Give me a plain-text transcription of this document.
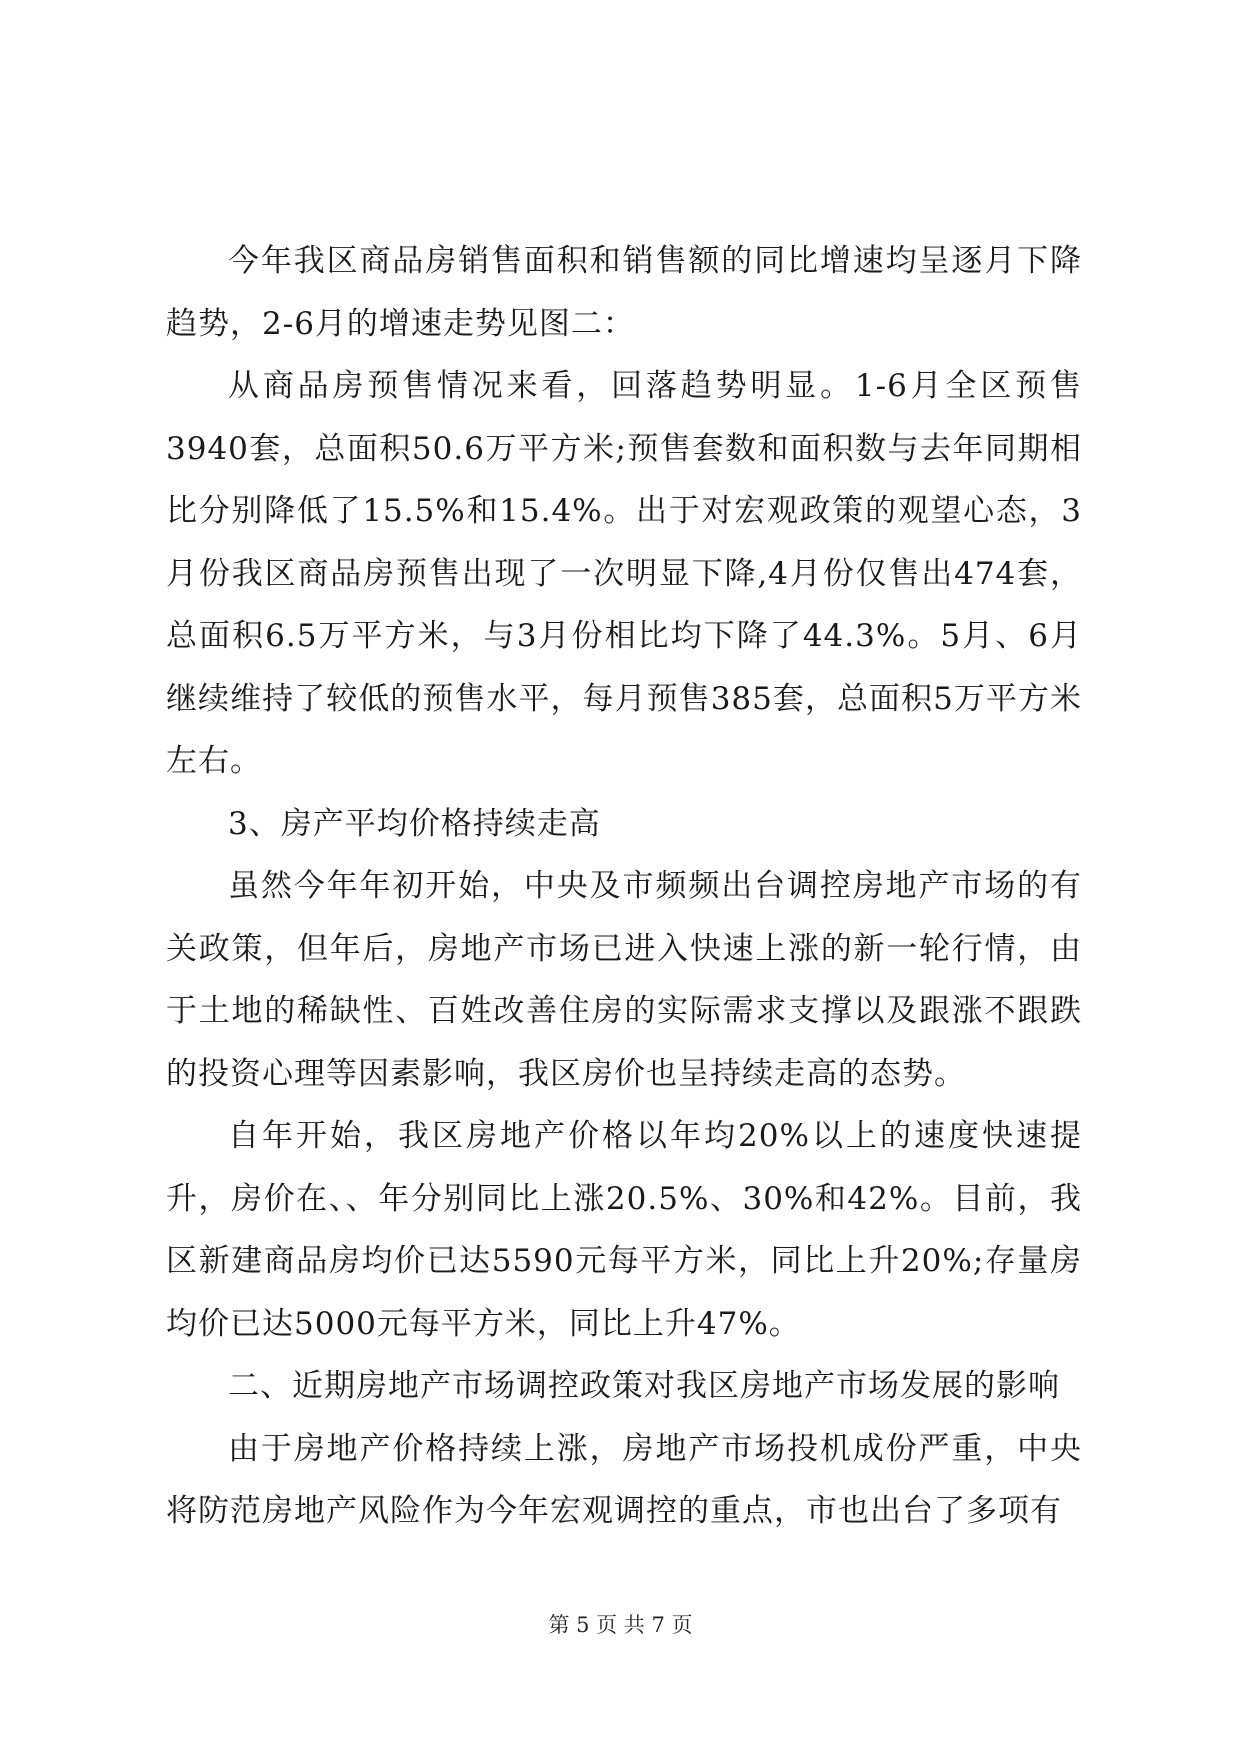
今年我区商品房销售面积和销售额的同比增速均呈逐月下降趋势，2-6月的增速走势见图二：

从商品房预售情况来看，回落趋势明显。1-6月全区预售3940套，总面积50.6万平方米;预售套数和面积数与去年同期相比分别降低了15.5%和15.4%。出于对宏观政策的观望心态，3月份我区商品房预售出现了一次明显下降,4月份仅售出474套，总面积6.5万平方米，与3月份相比均下降了44.3%。5月、6月继续维持了较低的预售水平，每月预售385套，总面积5万平方米左右。

3、房产平均价格持续走高

虽然今年年初开始，中央及市频频出台调控房地产市场的有关政策，但年后，房地产市场已进入快速上涨的新一轮行情，由于土地的稀缺性、百姓改善住房的实际需求支撑以及跟涨不跟跌的投资心理等因素影响，我区房价也呈持续走高的态势。

自年开始，我区房地产价格以年均20%以上的速度快速提升，房价在、、年分别同比上涨20.5%、30%和42%。目前，我区新建商品房均价已达5590元每平方米，同比上升20%;存量房均价已达5000元每平方米，同比上升47%。

二、近期房地产市场调控政策对我区房地产市场发展的影响

由于房地产价格持续上涨，房地产市场投机成份严重，中央将防范房地产风险作为今年宏观调控的重点，市也出台了多项有

第 5 页 共 7 页
